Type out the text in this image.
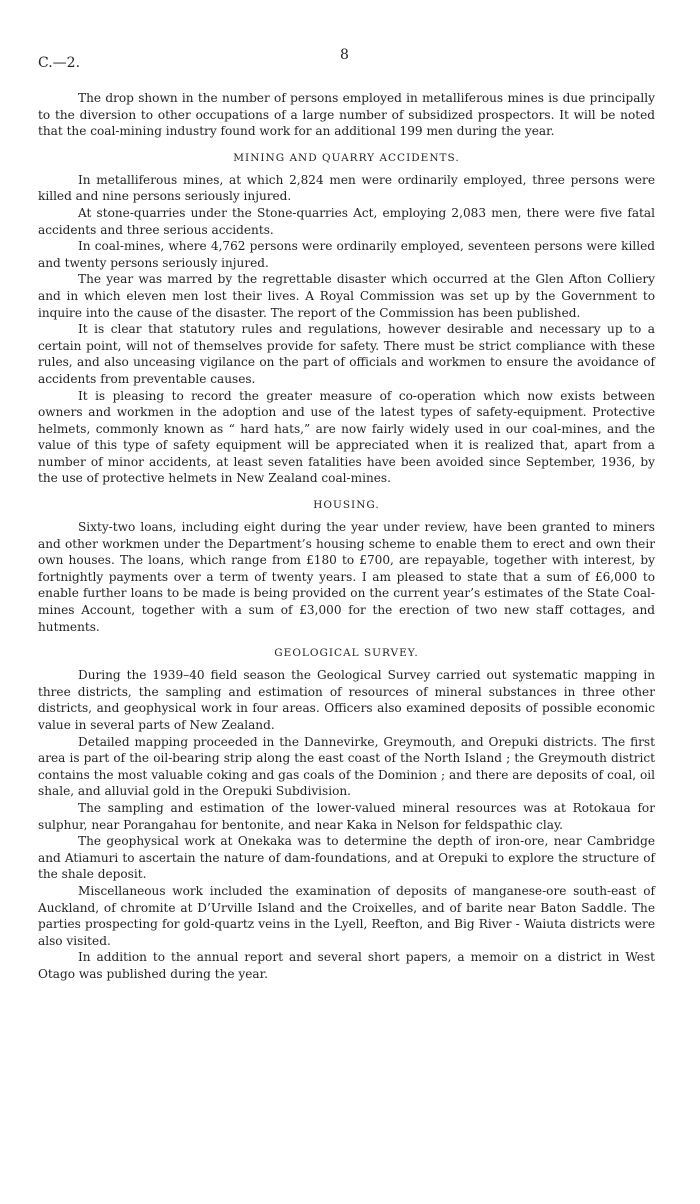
C.—2.	8

The drop shown in the number of persons employed in metalliferous mines is due principally to the diversion to other occupations of a large number of subsidized prospectors. It will be noted that the coal-mining industry found work for an additional 199 men during the year.

MINING AND QUARRY ACCIDENTS.

In metalliferous mines, at which 2,824 men were ordinarily employed, three persons were killed and nine persons seriously injured.

At stone-quarries under the Stone-quarries Act, employing 2,083 men, there were five fatal accidents and three serious accidents.

In coal-mines, where 4,762 persons were ordinarily employed, seventeen persons were killed and twenty persons seriously injured.

The year was marred by the regrettable disaster which occurred at the Glen Afton Colliery and in which eleven men lost their lives. A Royal Commission was set up by the Government to inquire into the cause of the disaster. The report of the Commission has been published.

It is clear that statutory rules and regulations, however desirable and necessary up to a certain point, will not of themselves provide for safety. There must be strict compliance with these rules, and also unceasing vigilance on the part of officials and workmen to ensure the avoidance of accidents from preventable causes.

It is pleasing to record the greater measure of co-operation which now exists between owners and workmen in the adoption and use of the latest types of safety-equipment. Protective helmets, commonly known as “ hard hats,” are now fairly widely used in our coal-mines, and the value of this type of safety equipment will be appreciated when it is realized that, apart from a number of minor accidents, at least seven fatalities have been avoided since September, 1936, by the use of protective helmets in New Zealand coal-mines.

HOUSING.

Sixty-two loans, including eight during the year under review, have been granted to miners and other workmen under the Department’s housing scheme to enable them to erect and own their own houses. The loans, which range from £180 to £700, are repayable, together with interest, by fortnightly payments over a term of twenty years. I am pleased to state that a sum of £6,000 to enable further loans to be made is being provided on the current year’s estimates of the State Coal-mines Account, together with a sum of £3,000 for the erection of two new staff cottages, and hutments.

GEOLOGICAL SURVEY.

During the 1939–40 field season the Geological Survey carried out systematic mapping in three districts, the sampling and estimation of resources of mineral substances in three other districts, and geophysical work in four areas. Officers also examined deposits of possible economic value in several parts of New Zealand.

Detailed mapping proceeded in the Dannevirke, Greymouth, and Orepuki districts. The first area is part of the oil-bearing strip along the east coast of the North Island ; the Greymouth district contains the most valuable coking and gas coals of the Dominion ; and there are deposits of coal, oil shale, and alluvial gold in the Orepuki Subdivision.

The sampling and estimation of the lower-valued mineral resources was at Rotokaua for sulphur, near Porangahau for bentonite, and near Kaka in Nelson for feldspathic clay.

The geophysical work at Onekaka was to determine the depth of iron-ore, near Cambridge and Atiamuri to ascertain the nature of dam-foundations, and at Orepuki to explore the structure of the shale deposit.

Miscellaneous work included the examination of deposits of manganese-ore south-east of Auckland, of chromite at D’Urville Island and the Croixelles, and of barite near Baton Saddle. The parties prospecting for gold-quartz veins in the Lyell, Reefton, and Big River - Waiuta districts were also visited.

In addition to the annual report and several short papers, a memoir on a district in West Otago was published during the year.
